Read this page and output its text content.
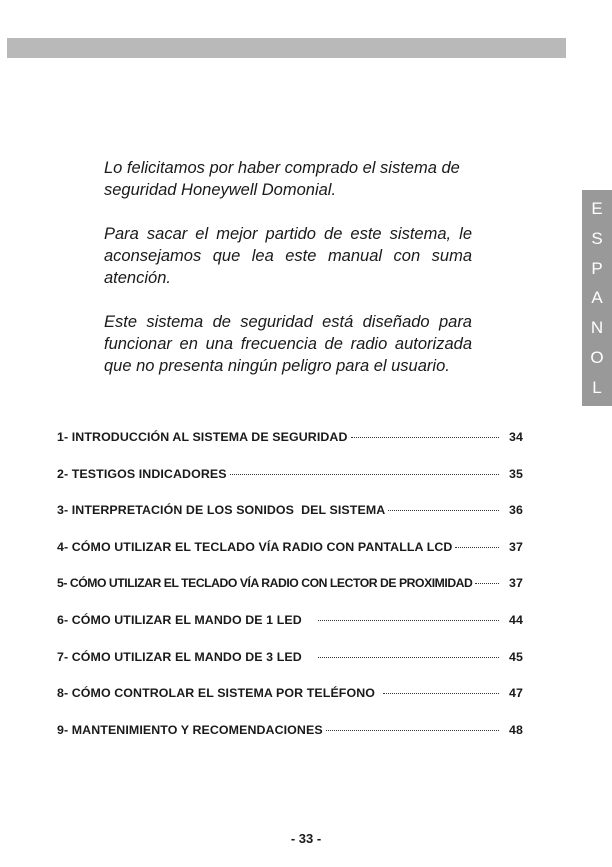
E
S
P
A
N
O
L

Lo felicitamos por haber comprado el sistema de seguridad Honeywell Domonial.

Para sacar el mejor partido de este sistema, le aconsejamos que lea este manual con suma atención.

Este sistema de seguridad está diseñado para funcionar en una frecuencia de radio autorizada que no presenta ningún peligro para el usuario.

1- INTRODUCCIÓN AL SISTEMA DE SEGURIDAD	34
2- TESTIGOS INDICADORES	35
3- INTERPRETACIÓN DE LOS SONIDOS  DEL SISTEMA	36
4- CÓMO UTILIZAR EL TECLADO VÍA RADIO CON PANTALLA LCD	37
5- CÓMO UTILIZAR EL TECLADO VÍA RADIO CON LECTOR DE PROXIMIDAD	37
6- CÓMO UTILIZAR EL MANDO DE 1 LED	44
7- CÓMO UTILIZAR EL MANDO DE 3 LED	45
8- CÓMO CONTROLAR EL SISTEMA POR TELÉFONO	47
9- MANTENIMIENTO Y RECOMENDACIONES	48
- 33 -
